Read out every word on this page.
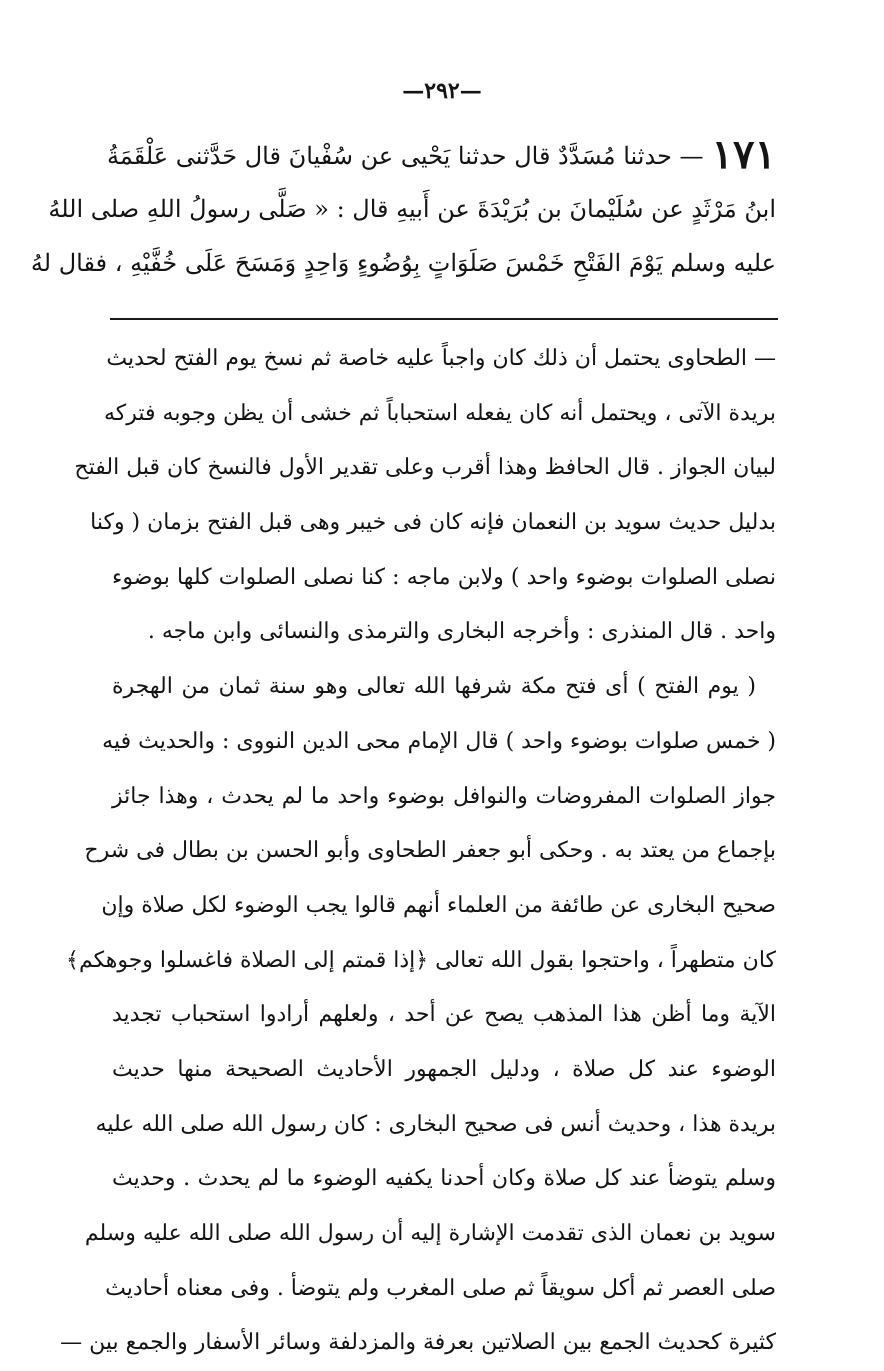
—٢٩٢—
١٧١— حدثنا مُسَدَّدٌ قال حدثنا يَحْيى عن سُفْيانَ قال حَدَّثنى عَلْقَمَةُ
ابنُ مَرْثَدٍ عن سُلَيْمانَ بن بُرَيْدَةَ عن أَبيهِ قال : « صَلَّى رسولُ اللهِ صلى اللهُ
عليه وسلم يَوْمَ الفَتْحِ خَمْسَ صَلَوَاتٍ بِوُضُوءٍ وَاحِدٍ وَمَسَحَ عَلَى خُفَّيْهِ ، فقال لهُ
— الطحاوى يحتمل أن ذلك كان واجباً عليه خاصة ثم نسخ يوم الفتح لحديث
بريدة الآتى ، ويحتمل أنه كان يفعله استحباباً ثم خشى أن يظن وجوبه فتركه
لبيان الجواز . قال الحافظ وهذا أقرب وعلى تقدير الأول فالنسخ كان قبل الفتح
بدليل حديث سويد بن النعمان فإنه كان فى خيبر وهى قبل الفتح بزمان ( وكنا
نصلى الصلوات بوضوء واحد ) ولابن ماجه : كنا نصلى الصلوات كلها بوضوء
واحد . قال المنذرى : وأخرجه البخارى والترمذى والنسائى وابن ماجه .
( يوم الفتح ) أى فتح مكة شرفها الله تعالى وهو سنة ثمان من الهجرة
( خمس صلوات بوضوء واحد ) قال الإمام محى الدين النووى : والحديث فيه
جواز الصلوات المفروضات والنوافل بوضوء واحد ما لم يحدث ، وهذا جائز
بإجماع من يعتد به . وحكى أبو جعفر الطحاوى وأبو الحسن بن بطال فى شرح
صحيح البخارى عن طائفة من العلماء أنهم قالوا يجب الوضوء لكل صلاة وإن
كان متطهراً ، واحتجوا بقول الله تعالى ﴿إذا قمتم إلى الصلاة فاغسلوا وجوهكم﴾
الآية وما أظن هذا المذهب يصح عن أحد ، ولعلهم أرادوا استحباب تجديد
الوضوء عند كل صلاة ، ودليل الجمهور الأحاديث الصحيحة منها حديث
بريدة هذا ، وحديث أنس فى صحيح البخارى : كان رسول الله صلى الله عليه
وسلم يتوضأ عند كل صلاة وكان أحدنا يكفيه الوضوء ما لم يحدث . وحديث
سويد بن نعمان الذى تقدمت الإشارة إليه أن رسول الله صلى الله عليه وسلم
صلى العصر ثم أكل سويقاً ثم صلى المغرب ولم يتوضأ . وفى معناه أحاديث
كثيرة كحديث الجمع بين الصلاتين بعرفة والمزدلفة وسائر الأسفار والجمع بين —
